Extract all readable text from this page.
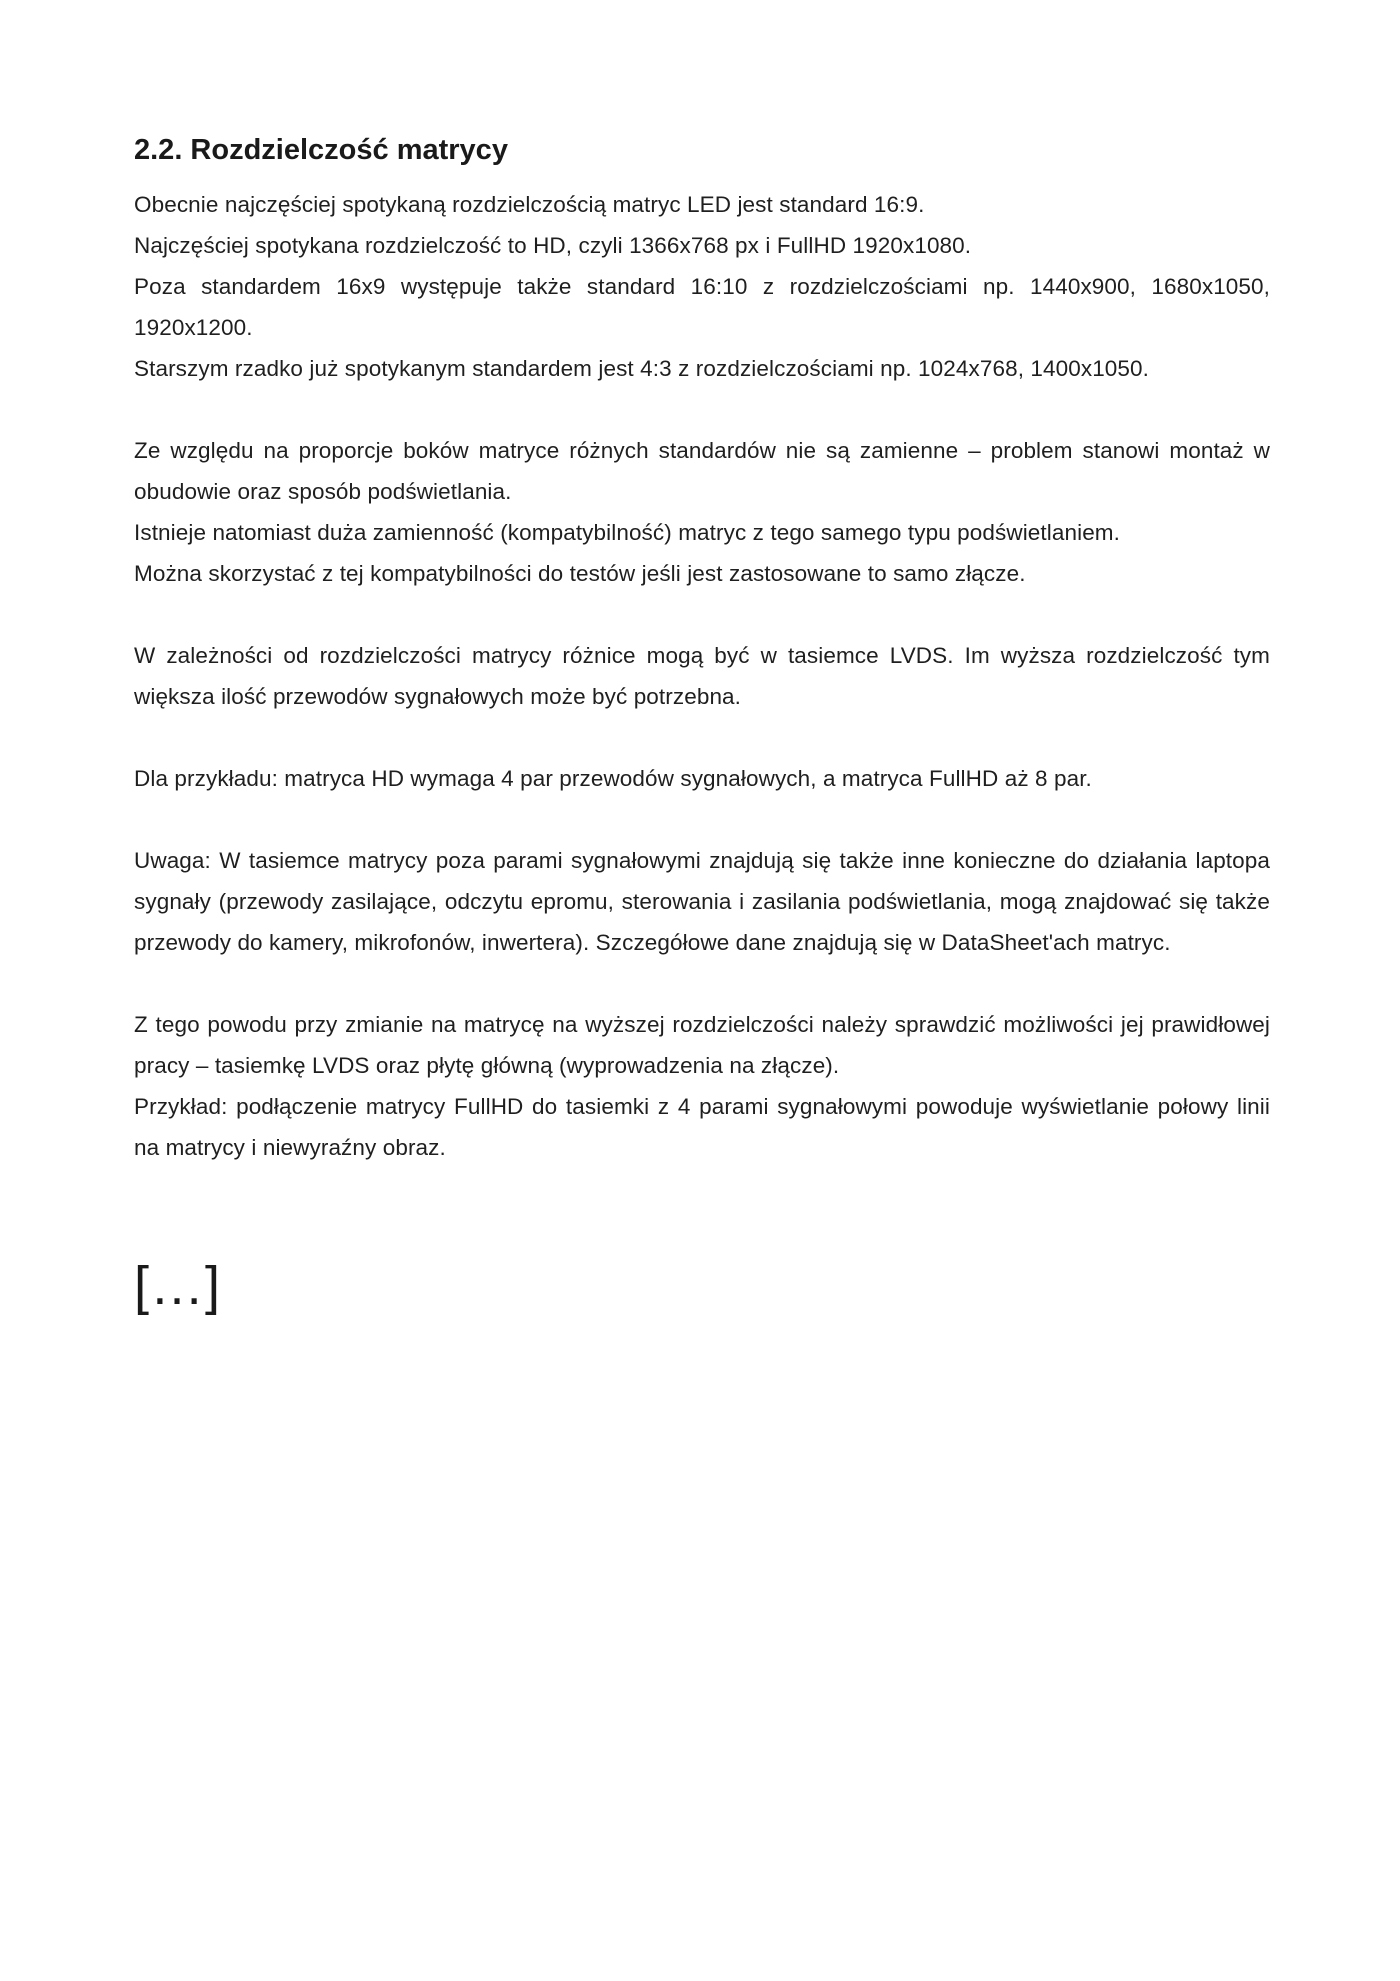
2.2. Rozdzielczość matrycy

Obecnie najczęściej spotykaną rozdzielczością matryc LED jest standard 16:9.

Najczęściej spotykana rozdzielczość to HD, czyli 1366x768 px i FullHD 1920x1080.

Poza standardem 16x9 występuje także standard 16:10 z rozdzielczościami np. 1440x900, 1680x1050, 1920x1200.

Starszym rzadko już spotykanym standardem jest 4:3 z rozdzielczościami np. 1024x768, 1400x1050.

Ze względu na proporcje boków matryce różnych standardów nie są zamienne – problem stanowi montaż w obudowie oraz sposób podświetlania.

Istnieje natomiast duża zamienność (kompatybilność) matryc z tego samego typu podświetlaniem.

Można skorzystać z tej kompatybilności do testów jeśli jest zastosowane to samo złącze.

W zależności od rozdzielczości matrycy różnice mogą być w tasiemce LVDS. Im wyższa rozdzielczość tym większa ilość przewodów sygnałowych może być potrzebna.

Dla przykładu: matryca HD wymaga 4 par przewodów sygnałowych, a matryca FullHD aż 8 par.

Uwaga: W tasiemce matrycy poza parami sygnałowymi znajdują się także inne konieczne do działania laptopa sygnały (przewody zasilające, odczytu epromu, sterowania i zasilania podświetlania, mogą znajdować się także przewody do kamery, mikrofonów, inwertera). Szczegółowe dane znajdują się w DataSheet'ach matryc.

Z tego powodu przy zmianie na matrycę na wyższej rozdzielczości należy sprawdzić możliwości jej prawidłowej pracy – tasiemkę LVDS oraz płytę główną (wyprowadzenia na złącze).

Przykład: podłączenie matrycy FullHD do tasiemki z 4 parami sygnałowymi powoduje wyświetlanie połowy linii na matrycy i niewyraźny obraz.

[…]
